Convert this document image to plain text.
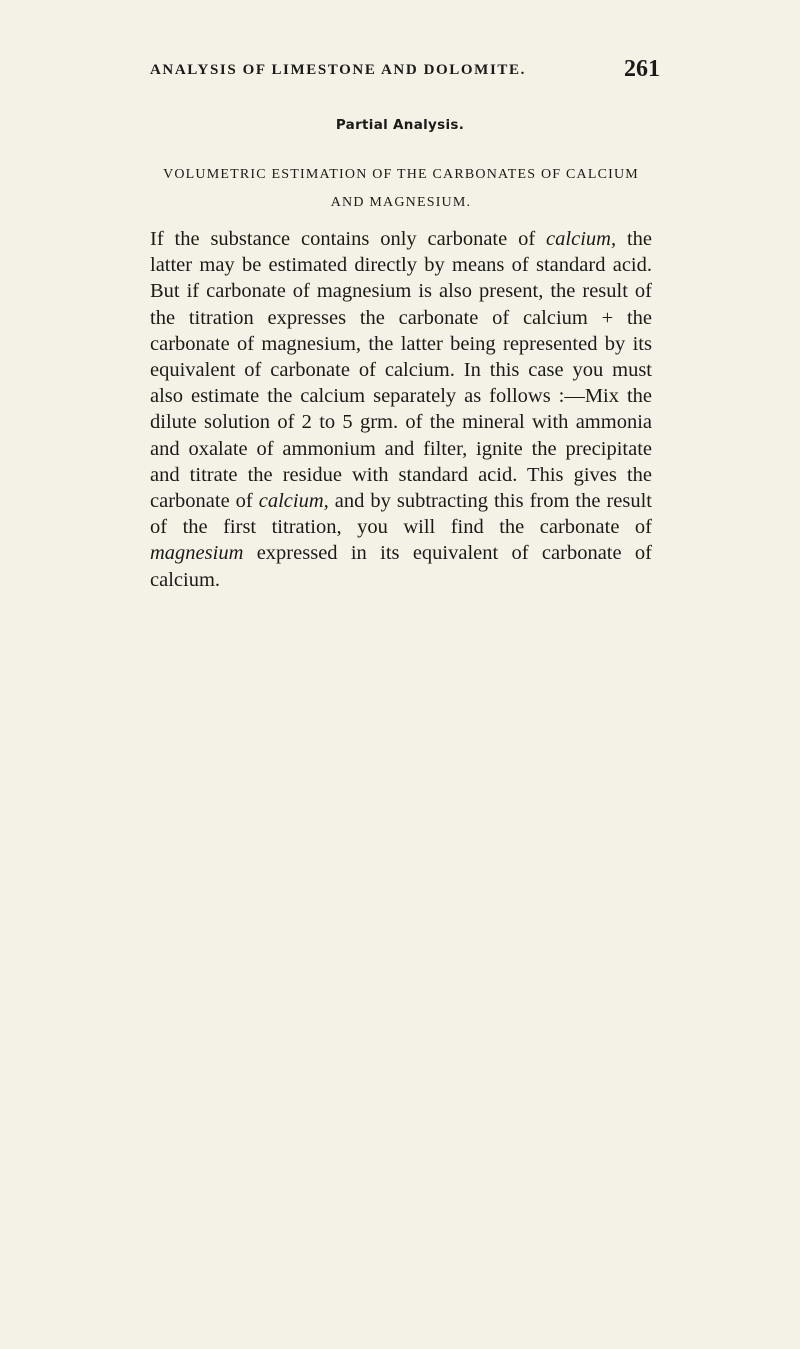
ANALYSIS OF LIMESTONE AND DOLOMITE.	261
Partial Analysis.
VOLUMETRIC ESTIMATION OF THE CARBONATES OF CALCIUM AND MAGNESIUM.

If the substance contains only carbonate of calcium, the latter may be estimated directly by means of standard acid. But if carbonate of magnesium is also present, the result of the titration expresses the carbonate of calcium + the carbonate of magnesium, the latter being represented by its equivalent of carbonate of calcium. In this case you must also estimate the calcium separately as follows :—Mix the dilute solution of 2 to 5 grm. of the mineral with ammonia and oxalate of ammonium and filter, ignite the precipitate and titrate the residue with standard acid. This gives the carbonate of calcium, and by subtracting this from the result of the first titration, you will find the carbonate of magnesium expressed in its equivalent of carbonate of calcium.
